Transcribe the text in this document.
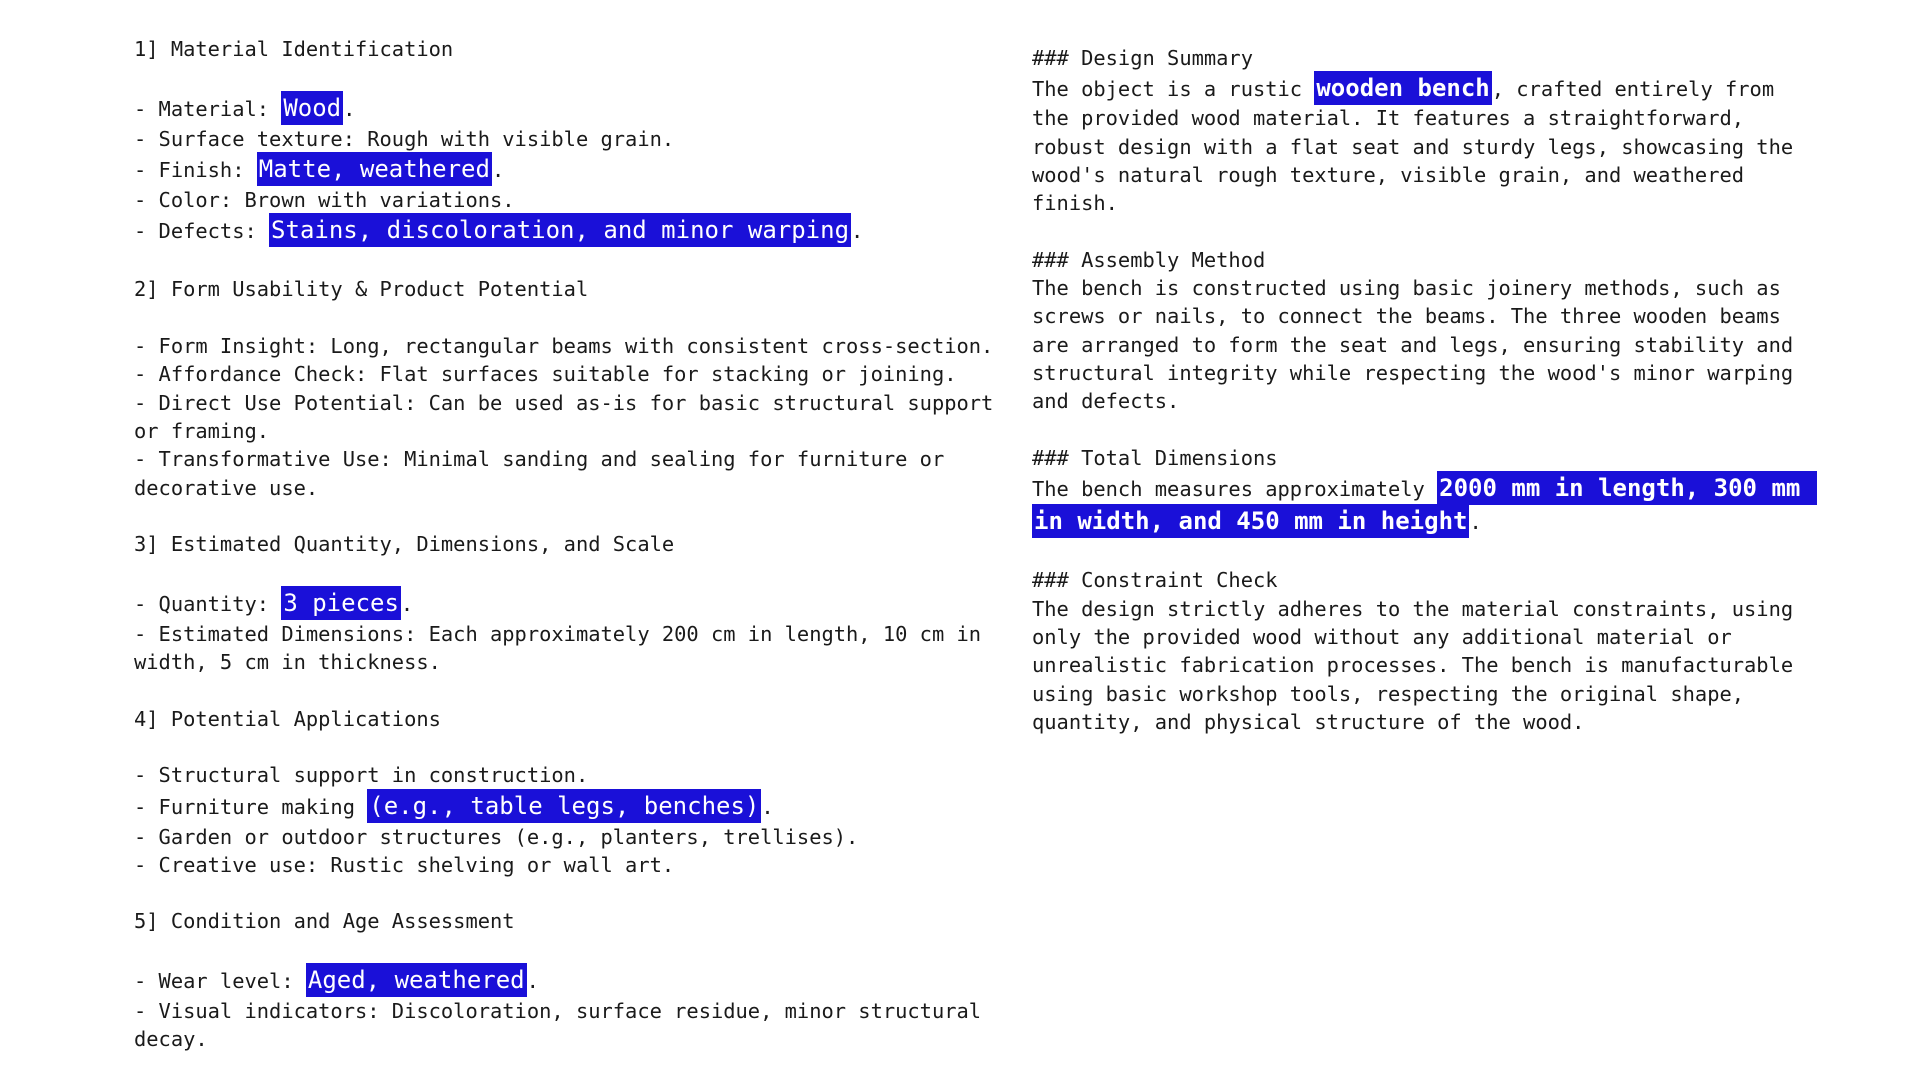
1] Material Identification
- Material: Wood.
- Surface texture: Rough with visible grain.
- Finish: Matte, weathered.
- Color: Brown with variations.
- Defects: Stains, discoloration, and minor warping.
2] Form Usability & Product Potential
- Form Insight: Long, rectangular beams with consistent cross-section.
- Affordance Check: Flat surfaces suitable for stacking or joining.
- Direct Use Potential: Can be used as-is for basic structural support or framing.
- Transformative Use: Minimal sanding and sealing for furniture or decorative use.
3] Estimated Quantity, Dimensions, and Scale
- Quantity: 3 pieces.
- Estimated Dimensions: Each approximately 200 cm in length, 10 cm in width, 5 cm in thickness.
4] Potential Applications
- Structural support in construction.
- Furniture making (e.g., table legs, benches).
- Garden or outdoor structures (e.g., planters, trellises).
- Creative use: Rustic shelving or wall art.
5] Condition and Age Assessment
- Wear level: Aged, weathered.
- Visual indicators: Discoloration, surface residue, minor structural decay.
### Design Summary
The object is a rustic wooden bench, crafted entirely from the provided wood material. It features a straightforward, robust design with a flat seat and sturdy legs, showcasing the wood's natural rough texture, visible grain, and weathered finish.
### Assembly Method
The bench is constructed using basic joinery methods, such as screws or nails, to connect the beams. The three wooden beams are arranged to form the seat and legs, ensuring stability and structural integrity while respecting the wood's minor warping and defects.
### Total Dimensions
The bench measures approximately 2000 mm in length, 300 mm in width, and 450 mm in height.
### Constraint Check
The design strictly adheres to the material constraints, using only the provided wood without any additional material or unrealistic fabrication processes. The bench is manufacturable using basic workshop tools, respecting the original shape, quantity, and physical structure of the wood.
